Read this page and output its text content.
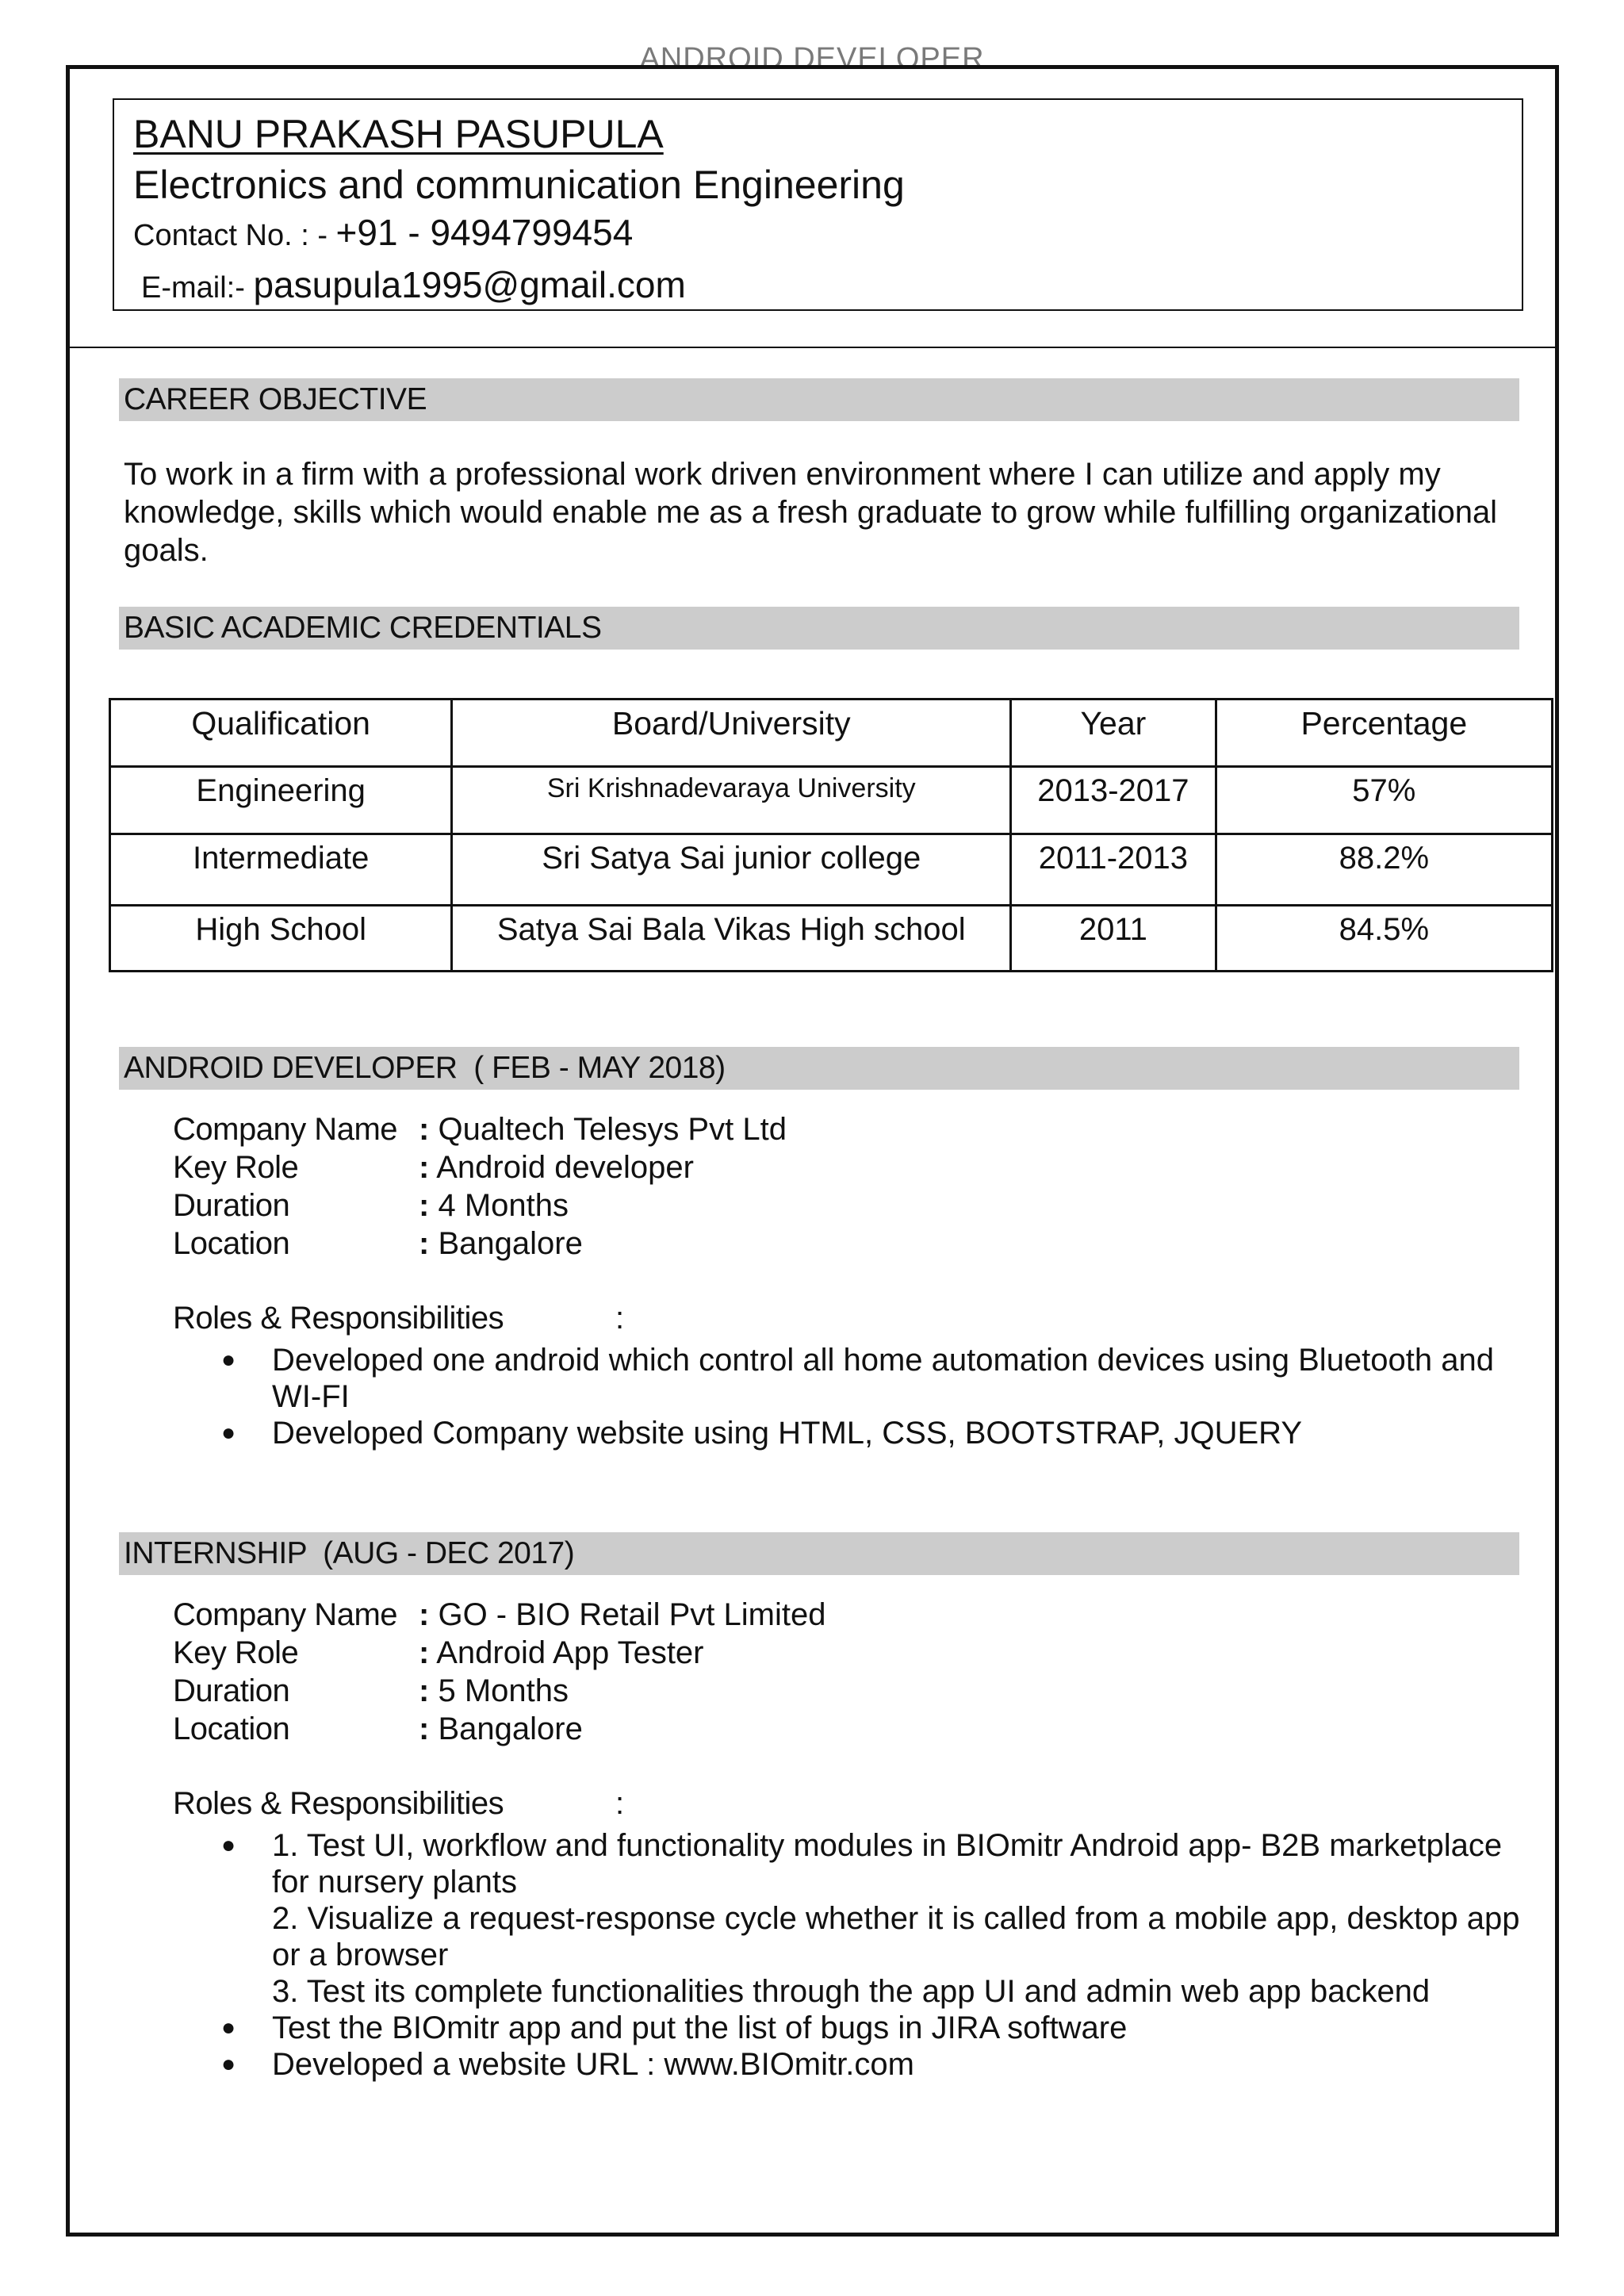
ANDROID DEVELOPER
BANU PRAKASH PASUPULA
Electronics and communication Engineering
Contact No. : - +91 - 9494799454
E-mail:- pasupula1995@gmail.com
CAREER OBJECTIVE
To work in a firm with a professional work driven environment where I can utilize and apply my knowledge, skills which would enable me as a fresh graduate to grow while fulfilling organizational goals.
BASIC ACADEMIC CREDENTIALS
Qualification	Board/University	Year	Percentage
Engineering	Sri Krishnadevaraya University	2013-2017	57%
Intermediate	Sri Satya Sai junior college	2011-2013	88.2%
High School	Satya Sai Bala Vikas High school	2011	84.5%
ANDROID DEVELOPER  ( FEB - MAY 2018)
Company Name : Qualtech Telesys Pvt Ltd
Key Role	: Android developer
Duration	: 4 Months
Location	: Bangalore
Roles & Responsibilities	:
● Developed one android which control all home automation devices using Bluetooth and WI-FI
● Developed Company website using HTML, CSS, BOOTSTRAP, JQUERY
INTERNSHIP  (AUG - DEC 2017)
Company Name : GO - BIO Retail Pvt Limited
Key Role	: Android App Tester
Duration	: 5 Months
Location	: Bangalore
Roles & Responsibilities	:
● 1. Test UI, workflow and functionality modules in BIOmitr Android app- B2B marketplace for nursery plants
2. Visualize a request-response cycle whether it is called from a mobile app, desktop app or a browser
3. Test its complete functionalities through the app UI and admin web app backend
● Test the BIOmitr app and put the list of bugs in JIRA software
● Developed a website URL : www.BIOmitr.com
